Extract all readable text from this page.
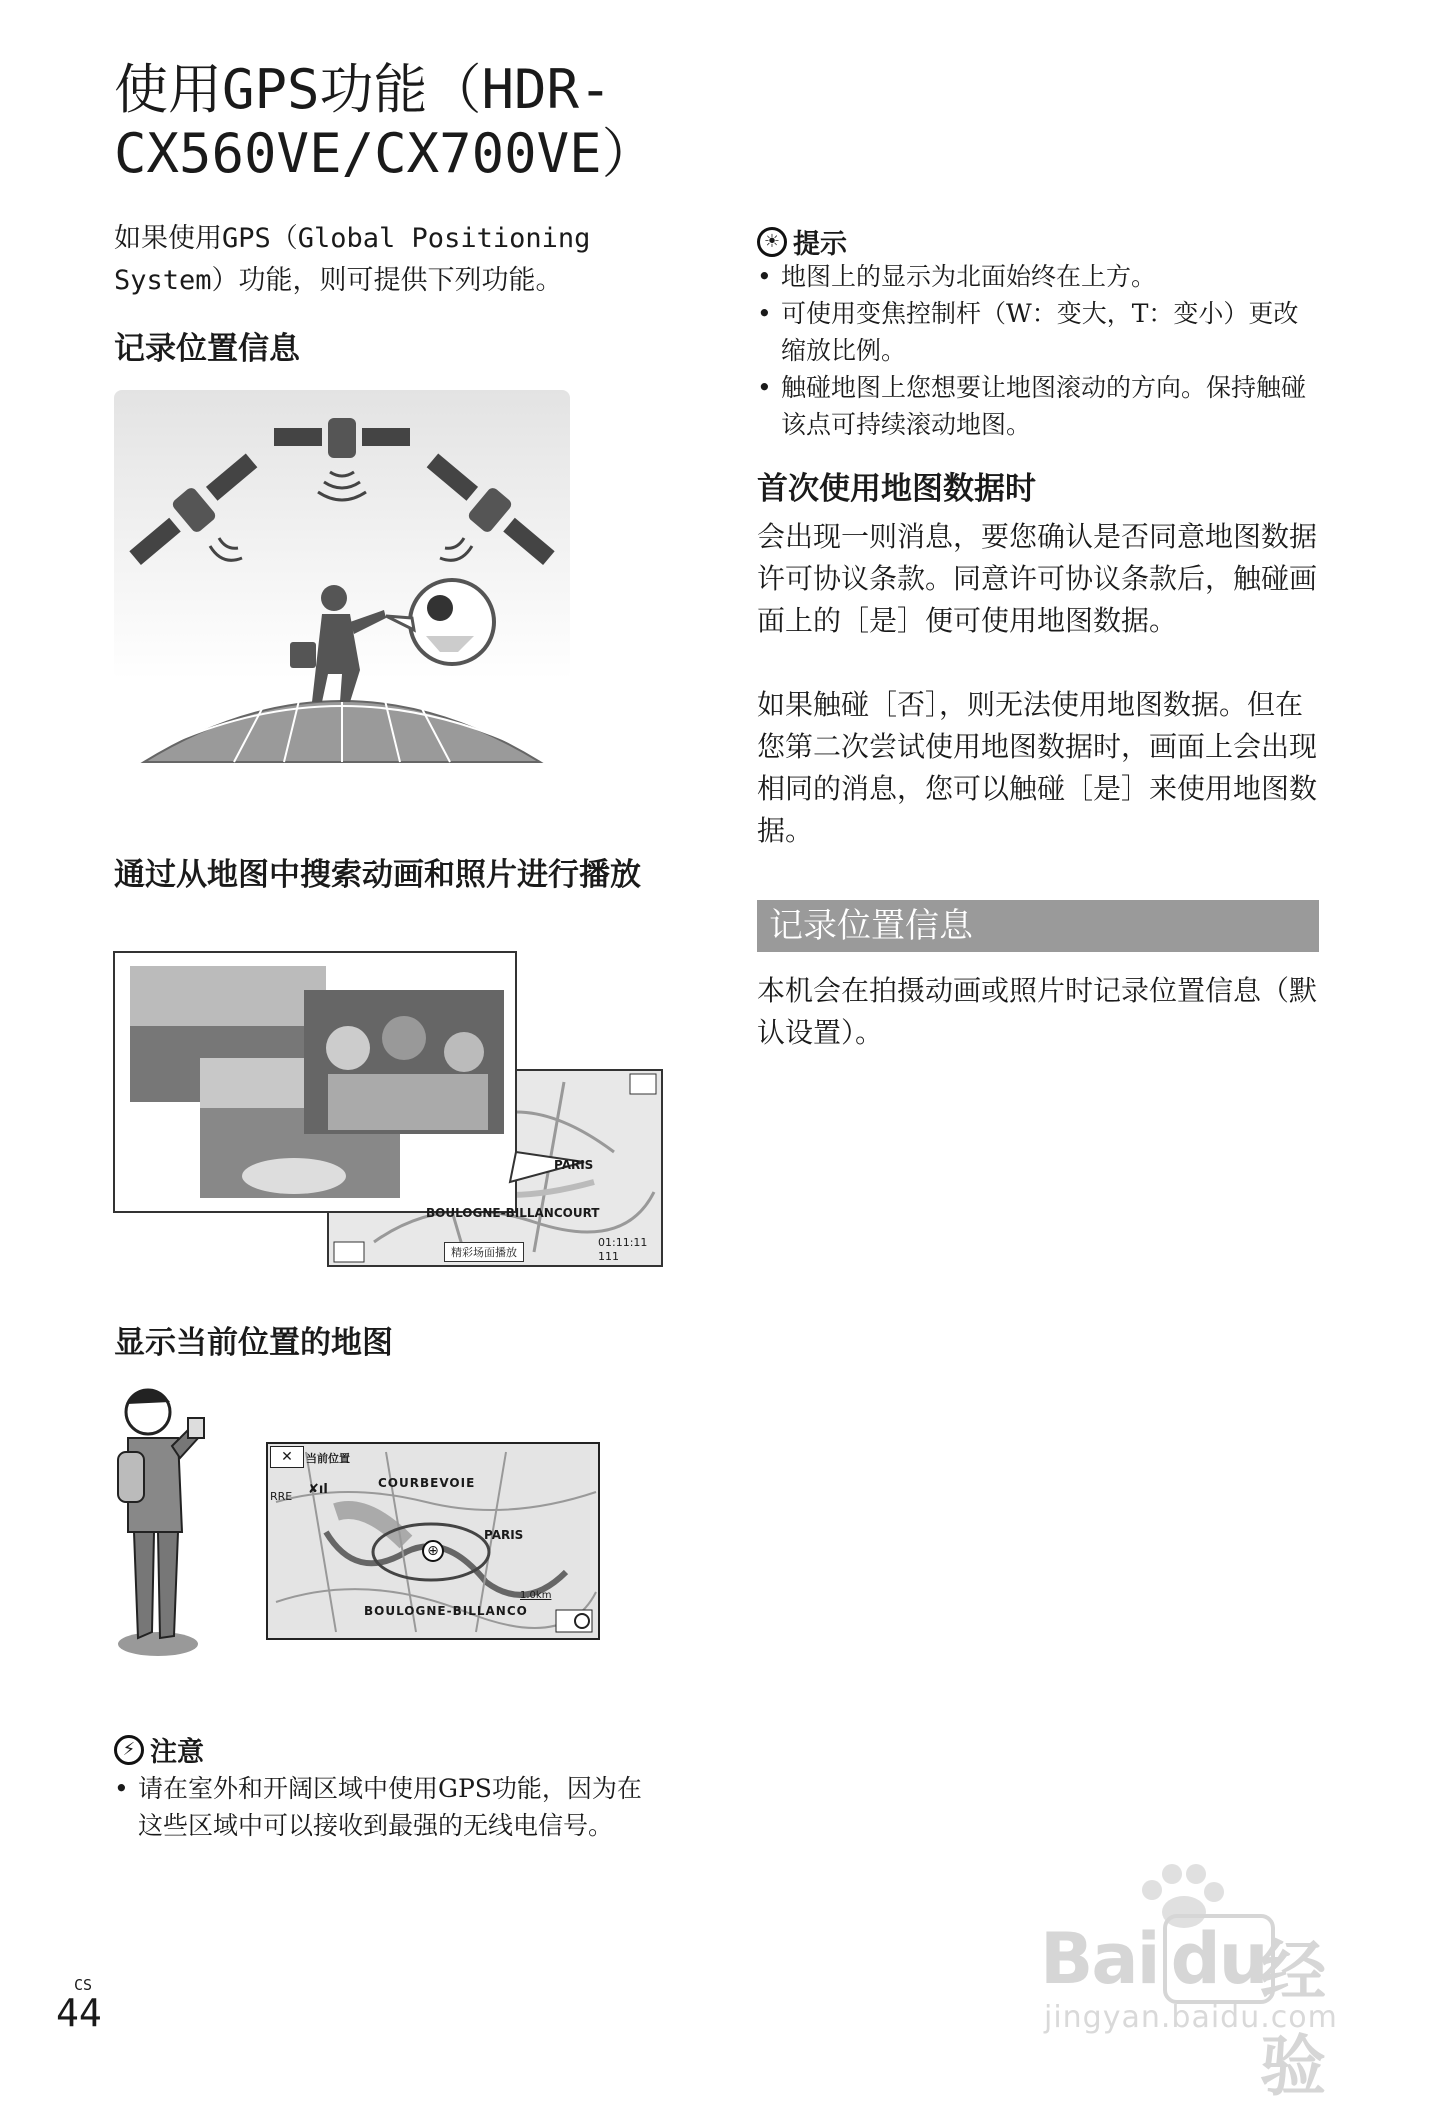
使用GPS功能（HDR-CX560VE/CX700VE）

如果使用GPS（Global Positioning System）功能，则可提供下列功能。

记录位置信息
通过从地图中搜索动画和照片进行播放
PARIS
BOULOGNE-BILLANCOURT
精彩场面播放
01:11:11
111
显示当前位置的地图
✕	当前位置
RRE ✘ıl	COURBEVOIE
⊕
PARIS
BOULOGNE-BILLANCO
1.0km
⚡ 注意
• 请在室外和开阔区域中使用GPS功能，因为在这些区域中可以接收到最强的无线电信号。
☀ 提示
• 地图上的显示为北面始终在上方。
• 可使用变焦控制杆（W：变大，T：变小）更改缩放比例。
• 触碰地图上您想要让地图滚动的方向。保持触碰该点可持续滚动地图。
首次使用地图数据时

会出现一则消息，要您确认是否同意地图数据许可协议条款。同意许可协议条款后，触碰画面上的［是］便可使用地图数据。

如果触碰［否］，则无法使用地图数据。但在您第二次尝试使用地图数据时，画面上会出现相同的消息，您可以触碰［是］来使用地图数据。

记录位置信息

本机会在拍摄动画或照片时记录位置信息（默认设置）。

CS
44
Bai du
经验
jingyan.baidu.com
